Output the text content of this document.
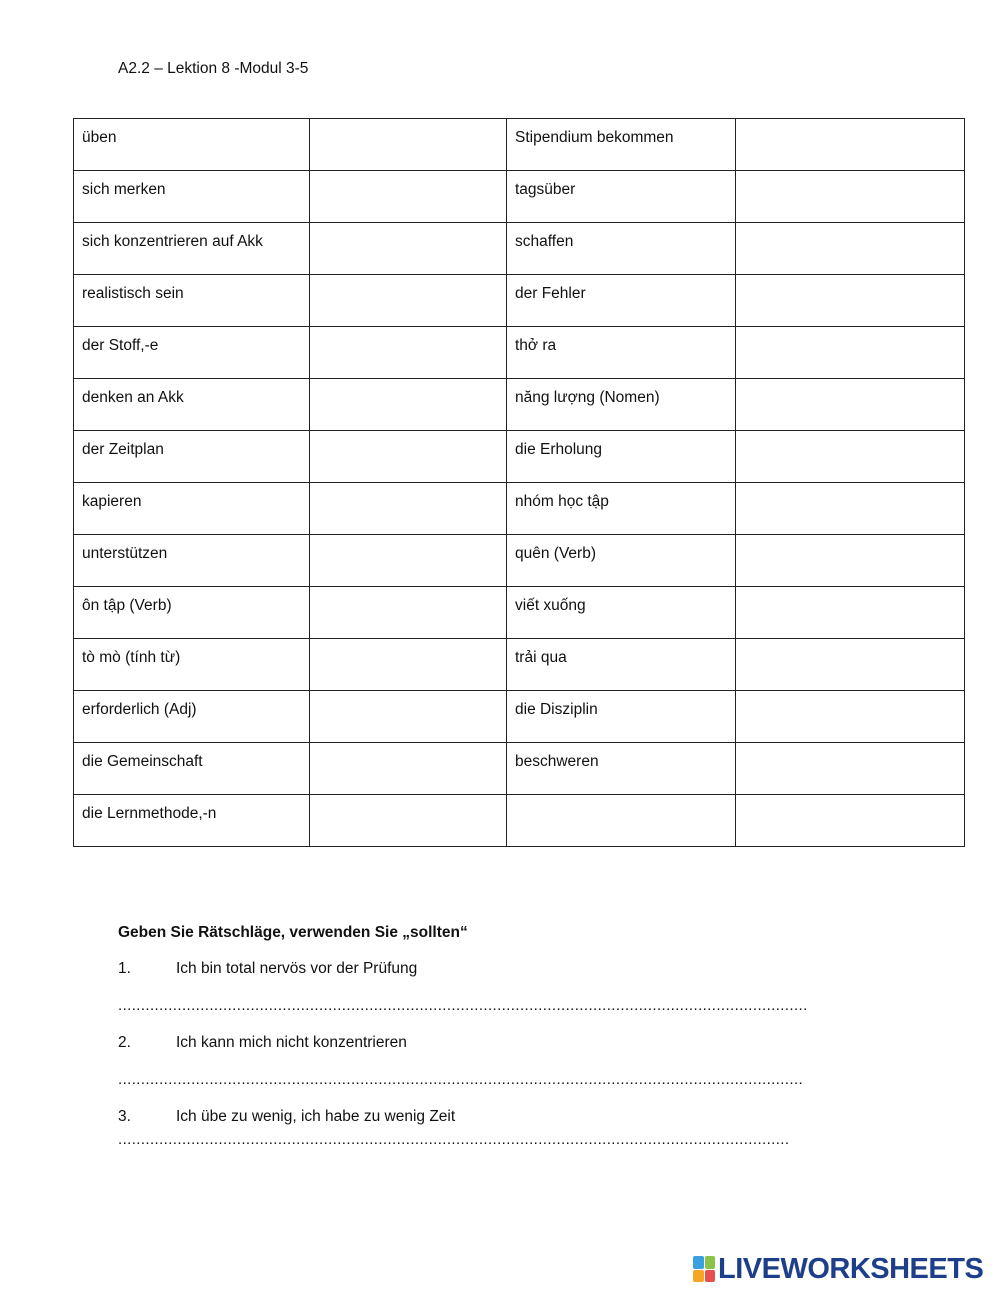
A2.2 – Lektion 8 -Modul 3-5
üben		Stipendium bekommen	
sich merken		tagsüber	
sich konzentrieren auf Akk		schaffen	
realistisch sein		der Fehler	
der Stoff,-e		thở ra	
denken an Akk		năng lượng (Nomen)	
der Zeitplan		die Erholung	
kapieren		nhóm học tập	
unterstützen		quên (Verb)	
ôn tập (Verb)		viết xuống	
tò mò (tính từ)		trải qua	
erforderlich (Adj)		die Disziplin	
die Gemeinschaft		beschweren	
die Lernmethode,-n			
Geben Sie Rätschläge, verwenden Sie „sollten“
1.	Ich bin total nervös vor der Prüfung
.......................................................................................................................................................
2.	Ich kann mich nicht konzentrieren
......................................................................................................................................................
3.	Ich übe zu wenig, ich habe zu wenig Zeit
...................................................................................................................................................
LIVEWORKSHEETS
